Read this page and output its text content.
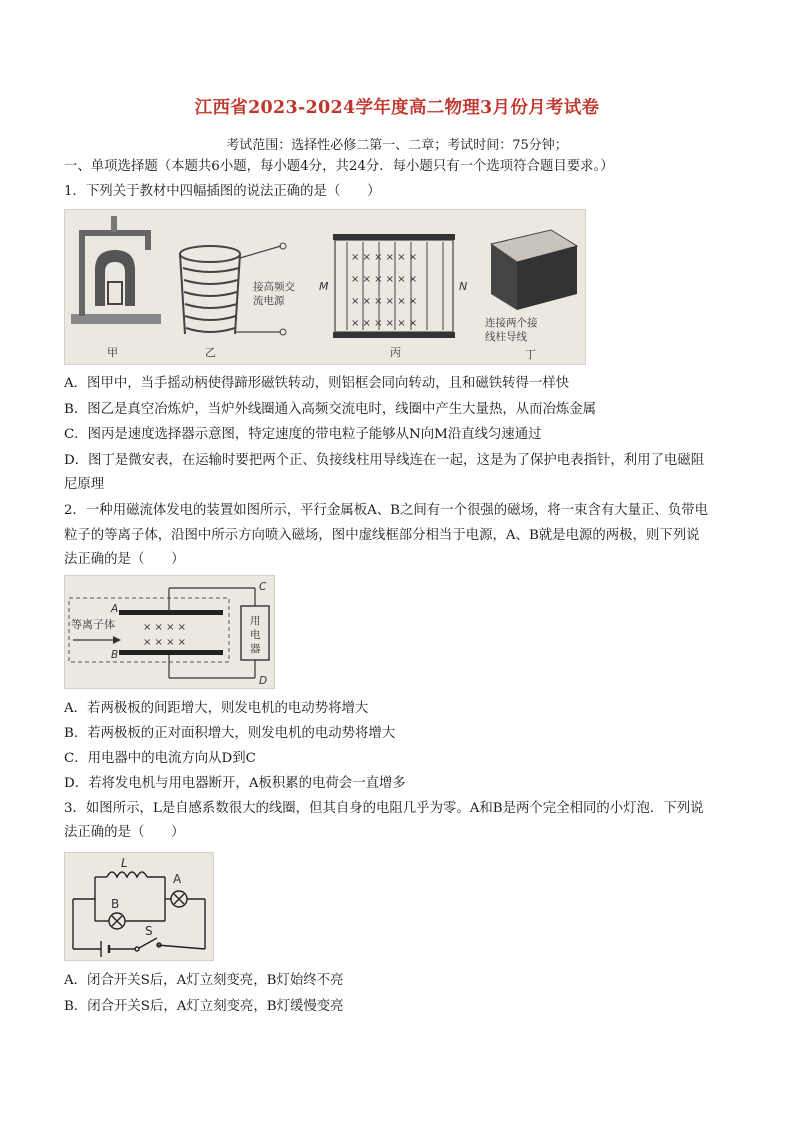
江西省2023-2024学年度高二物理3月份月考试卷
考试范围：选择性必修二第一、二章；考试时间：75分钟；
一、单项选择题（本题共6小题，每小题4分，共24分．每小题只有一个选项符合题目要求。）
1．下列关于教材中四幅插图的说法正确的是（　　）
甲
接高频交
流电源
乙
× × × × × ×
× × × × × ×
× × × × × ×
× × × × × ×
M	N
丙
连接两个接
线柱导线
丁
A．图甲中，当手摇动柄使得蹄形磁铁转动，则铝框会同向转动，且和磁铁转得一样快
B．图乙是真空冶炼炉，当炉外线圈通入高频交流电时，线圈中产生大量热，从而冶炼金属
C．图丙是速度选择器示意图，特定速度的带电粒子能够从N向M沿直线匀速通过
D．图丁是微安表，在运输时要把两个正、负接线柱用导线连在一起，这是为了保护电表指针，利用了电磁阻
尼原理
2．一种用磁流体发电的装置如图所示，平行金属板A、B之间有一个很强的磁场，将一束含有大量正、负带电
粒子的等离子体，沿图中所示方向喷入磁场，图中虚线框部分相当于电源，A、B就是电源的两极，则下列说
法正确的是（　　）
× × × ×
× × × ×
等离子体
A
B
C
D
用
电
器
A．若两极板的间距增大，则发电机的电动势将增大
B．若两极板的正对面积增大，则发电机的电动势将增大
C．用电器中的电流方向从D到C
D．若将发电机与用电器断开，A板积累的电荷会一直增多
3．如图所示，L是自感系数很大的线圈，但其自身的电阻几乎为零。A和B是两个完全相同的小灯泡．下列说
法正确的是（　　）
L
A
B
S
A．闭合开关S后，A灯立刻变亮，B灯始终不亮
B．闭合开关S后，A灯立刻变亮，B灯缓慢变亮
